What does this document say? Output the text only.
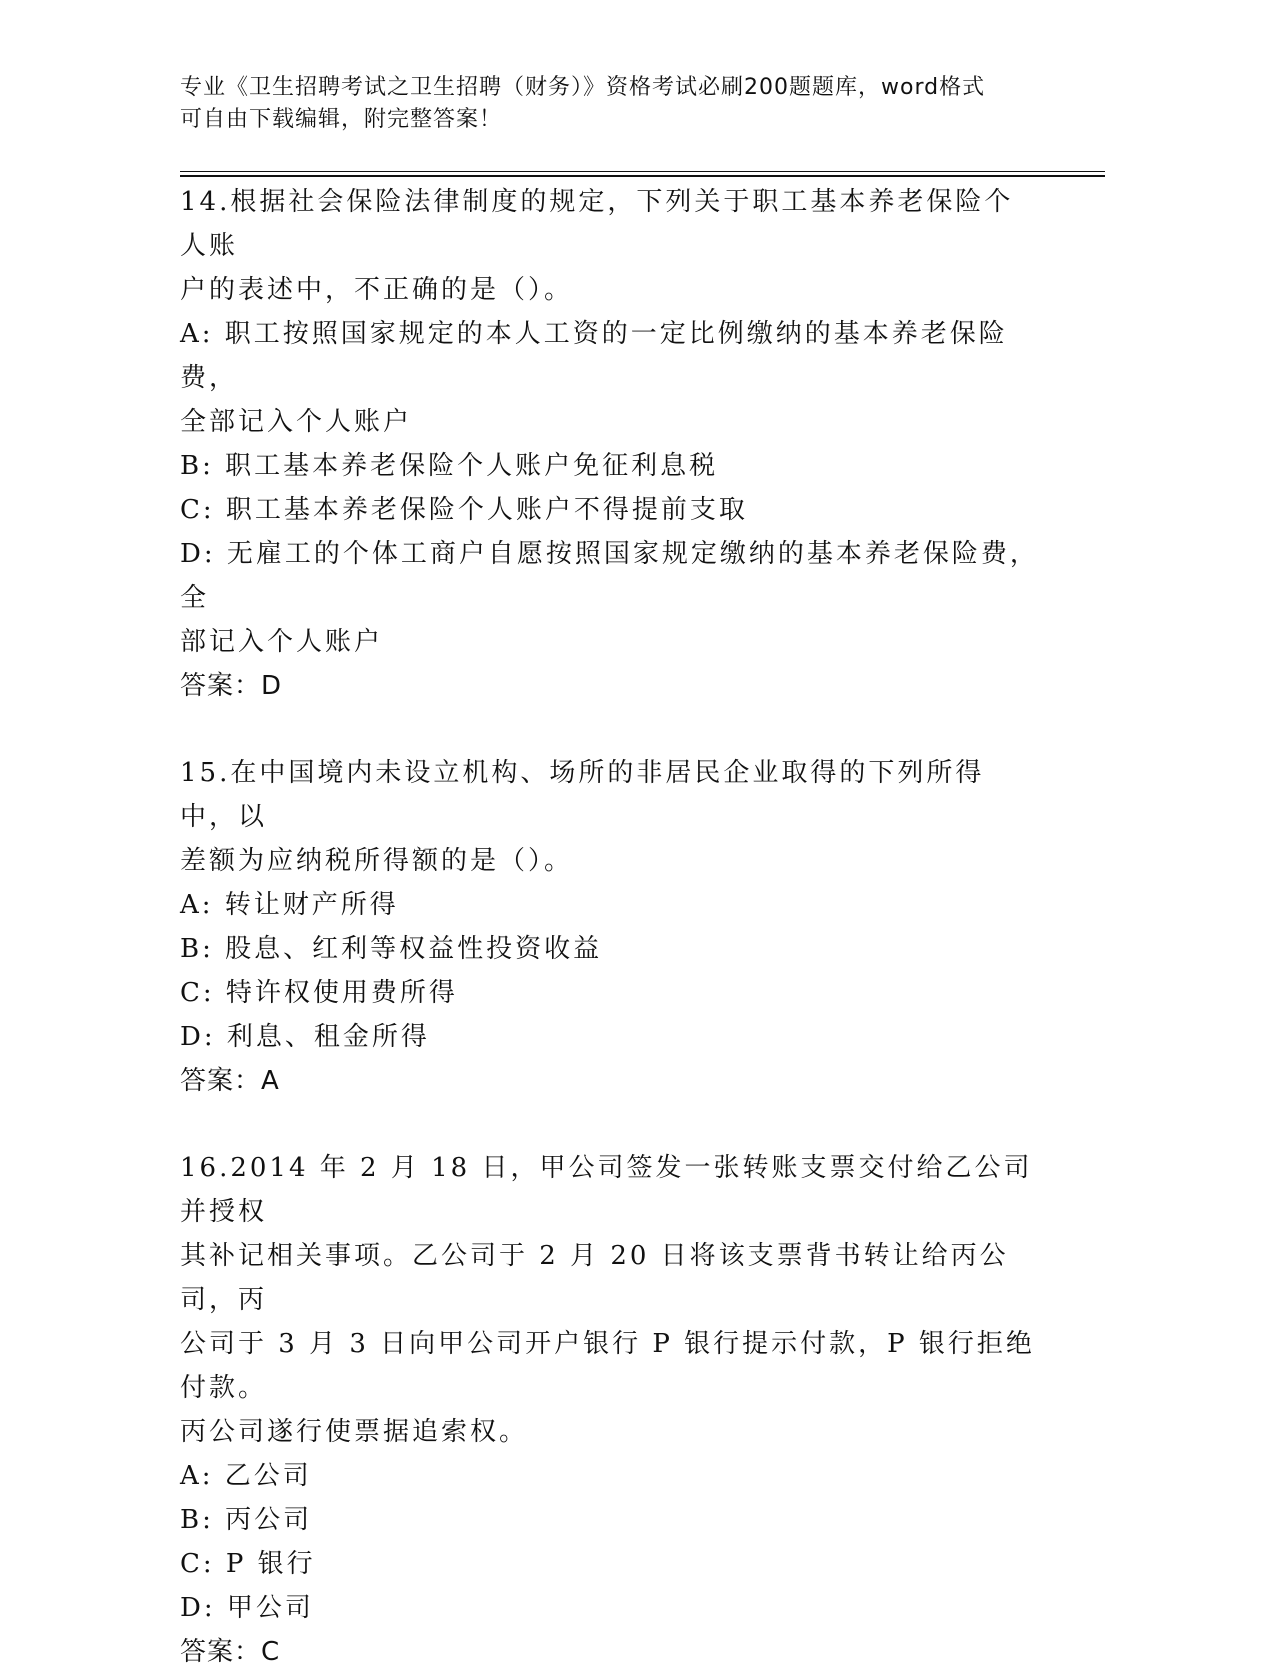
专业《卫生招聘考试之卫生招聘（财务）》资格考试必刷200题题库，word格式
可自由下载编辑，附完整答案！
14.根据社会保险法律制度的规定，下列关于职工基本养老保险个人账
户的表述中，不正确的是（）。
A: 职工按照国家规定的本人工资的一定比例缴纳的基本养老保险费，
全部记入个人账户
B: 职工基本养老保险个人账户免征利息税
C: 职工基本养老保险个人账户不得提前支取
D: 无雇工的个体工商户自愿按照国家规定缴纳的基本养老保险费，全
部记入个人账户
答案：D
15.在中国境内未设立机构、场所的非居民企业取得的下列所得中，以
差额为应纳税所得额的是（）。
A: 转让财产所得
B: 股息、红利等权益性投资收益
C: 特许权使用费所得
D: 利息、租金所得
答案：A
16.2014 年 2 月 18 日，甲公司签发一张转账支票交付给乙公司并授权
其补记相关事项。乙公司于 2 月 20 日将该支票背书转让给丙公司，丙
公司于 3 月 3 日向甲公司开户银行 P 银行提示付款，P 银行拒绝付款。
丙公司遂行使票据追索权。
A: 乙公司
B: 丙公司
C: P 银行
D: 甲公司
答案：C
